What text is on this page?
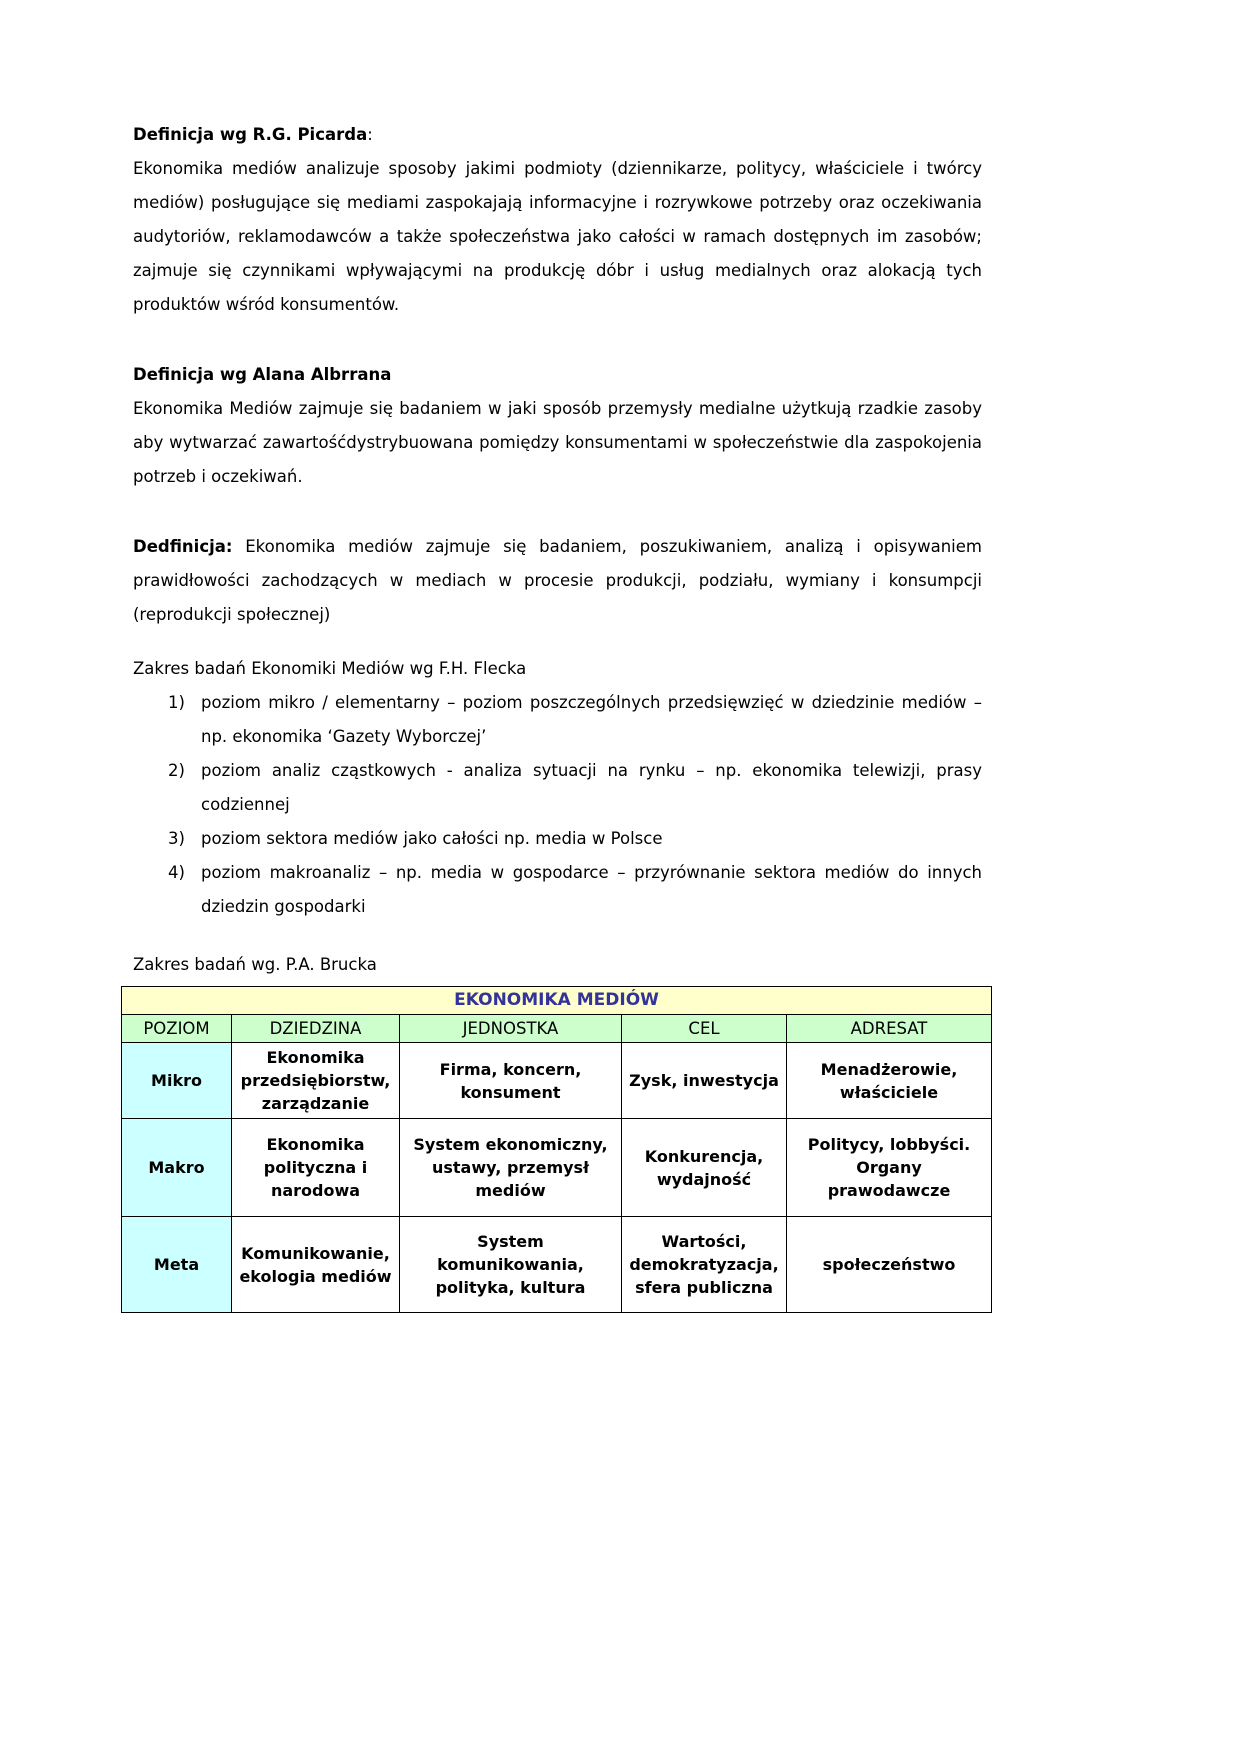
Definicja wg R.G. Picarda:

Ekonomika mediów analizuje sposoby jakimi podmioty (dziennikarze, politycy, właściciele i twórcy mediów) posługujące się mediami zaspokajają informacyjne i rozrywkowe potrzeby oraz oczekiwania audytoriów, reklamodawców a także społeczeństwa jako całości w ramach dostępnych im zasobów; zajmuje się czynnikami wpływającymi na produkcję dóbr i usług medialnych oraz alokacją tych produktów wśród konsumentów.

Definicja wg Alana Albrrana

Ekonomika Mediów zajmuje się badaniem w jaki sposób przemysły medialne użytkują rzadkie zasoby aby wytwarzać zawartośćdystrybuowana pomiędzy konsumentami w społeczeństwie dla zaspokojenia potrzeb i oczekiwań.

Dedfinicja: Ekonomika mediów zajmuje się badaniem, poszukiwaniem, analizą i opisywaniem prawidłowości zachodzących w mediach w procesie produkcji, podziału, wymiany i konsumpcji (reprodukcji społecznej)

Zakres badań Ekonomiki Mediów wg F.H. Flecka

1) poziom mikro / elementarny – poziom poszczególnych przedsięwzięć w dziedzinie mediów – np. ekonomika ‘Gazety Wyborczej’
2) poziom analiz cząstkowych - analiza sytuacji na rynku – np. ekonomika telewizji, prasy codziennej
3) poziom sektora mediów jako całości np. media w Polsce
4) poziom makroanaliz – np. media w gospodarce – przyrównanie sektora mediów do innych dziedzin gospodarki

Zakres badań wg. P.A. Brucka

EKONOMIKA MEDIÓW				
POZIOM	DZIEDZINA	JEDNOSTKA	CEL	ADRESAT
Mikro	Ekonomika przedsiębiorstw, zarządzanie	Firma, koncern, konsument	Zysk, inwestycja	Menadżerowie, właściciele
Makro	Ekonomika polityczna i narodowa	System ekonomiczny, ustawy, przemysł mediów	Konkurencja, wydajność	Politycy, lobbyści. Organy prawodawcze
Meta	Komunikowanie, ekologia mediów	System komunikowania, polityka, kultura	Wartości, demokratyzacja, sfera publiczna	społeczeństwo
